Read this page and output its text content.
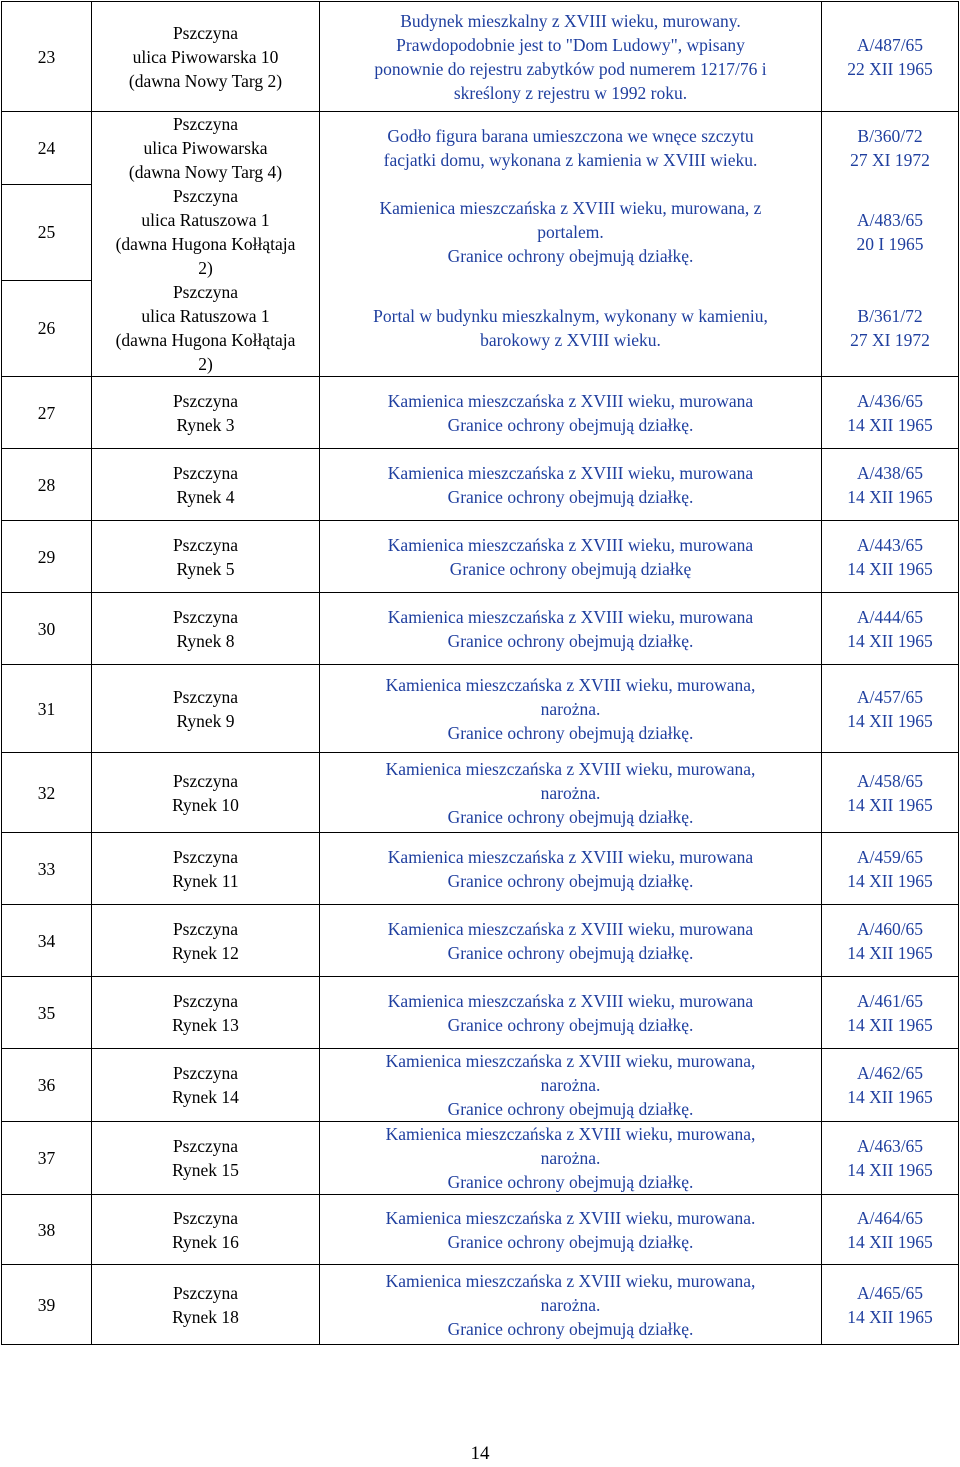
23	Pszczyna
ulica Piwowarska 10
(dawna Nowy Targ 2)	Budynek mieszkalny z XVIII wieku, murowany.
Prawdopodobnie jest to "Dom Ludowy", wpisany
ponownie do rejestru zabytków pod numerem 1217/76 i
skreślony z rejestru w 1992 roku.	A/487/65
22 XII 1965

24	Pszczyna
ulica Piwowarska
(dawna Nowy Targ 4)	Godło figura barana umieszczona we wnęce szczytu
facjatki domu, wykonana z kamienia w XVIII wieku.	B/360/72
27 XI 1972

25	Pszczyna
ulica Ratuszowa 1
(dawna Hugona Kołłątaja
2)	Kamienica mieszczańska z XVIII wieku, murowana, z
portalem.
Granice ochrony obejmują działkę.	A/483/65
20 I 1965

26	Pszczyna
ulica Ratuszowa 1
(dawna Hugona Kołłątaja
2)	Portal w budynku mieszkalnym, wykonany w kamieniu,
barokowy z XVIII wieku.	B/361/72
27 XI 1972

27	Pszczyna
Rynek 3	Kamienica mieszczańska z XVIII wieku, murowana
Granice ochrony obejmują działkę.	A/436/65
14 XII 1965

28	Pszczyna
Rynek 4	Kamienica mieszczańska z XVIII wieku, murowana
Granice ochrony obejmują działkę.	A/438/65
14 XII 1965

29	Pszczyna
Rynek 5	Kamienica mieszczańska z XVIII wieku, murowana
Granice ochrony obejmują działkę	A/443/65
14 XII 1965

30	Pszczyna
Rynek 8	Kamienica mieszczańska z XVIII wieku, murowana
Granice ochrony obejmują działkę.	A/444/65
14 XII 1965

31	Pszczyna
Rynek 9	Kamienica mieszczańska z XVIII wieku, murowana,
narożna.
Granice ochrony obejmują działkę.	A/457/65
14 XII 1965

32	Pszczyna
Rynek 10	Kamienica mieszczańska z XVIII wieku, murowana,
narożna.
Granice ochrony obejmują działkę.	A/458/65
14 XII 1965

33	Pszczyna
Rynek 11	Kamienica mieszczańska z XVIII wieku, murowana
Granice ochrony obejmują działkę.	A/459/65
14 XII 1965

34	Pszczyna
Rynek 12	Kamienica mieszczańska z XVIII wieku, murowana
Granice ochrony obejmują działkę.	A/460/65
14 XII 1965

35	Pszczyna
Rynek 13	Kamienica mieszczańska z XVIII wieku, murowana
Granice ochrony obejmują działkę.	A/461/65
14 XII 1965

36	Pszczyna
Rynek 14	Kamienica mieszczańska z XVIII wieku, murowana,
narożna.
Granice ochrony obejmują działkę.	A/462/65
14 XII 1965

37	Pszczyna
Rynek 15	Kamienica mieszczańska z XVIII wieku, murowana,
narożna.
Granice ochrony obejmują działkę.	A/463/65
14 XII 1965

38	Pszczyna
Rynek 16	Kamienica mieszczańska z XVIII wieku, murowana.
Granice ochrony obejmują działkę.	A/464/65
14 XII 1965

39	Pszczyna
Rynek 18	Kamienica mieszczańska z XVIII wieku, murowana,
narożna.
Granice ochrony obejmują działkę.	A/465/65
14 XII 1965
14
